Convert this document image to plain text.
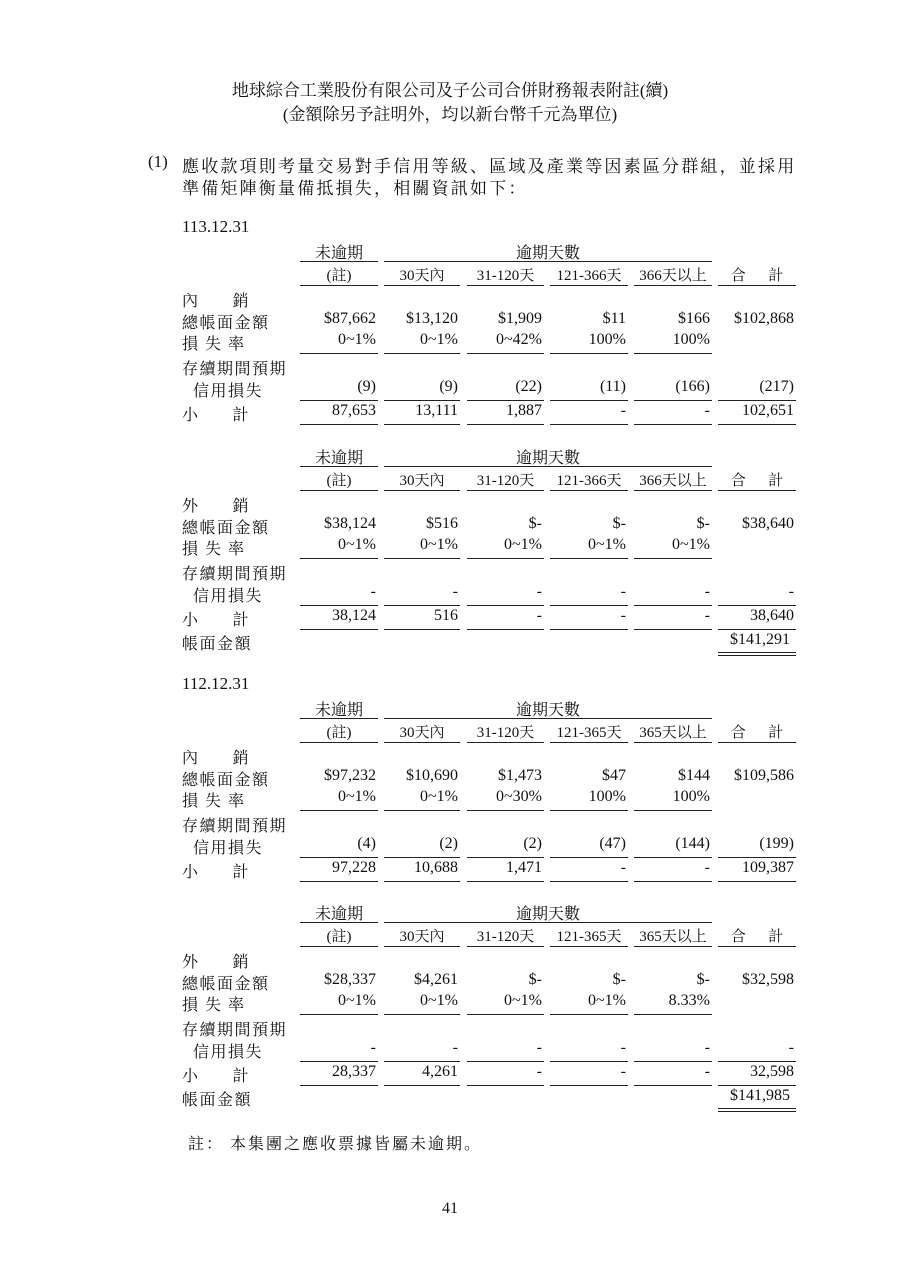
地球綜合工業股份有限公司及子公司合併財務報表附註(續)
(金額除另予註明外，均以新台幣千元為單位)
(1) 應收款項則考量交易對手信用等級、區域及產業等因素區分群組，並採用
準備矩陣衡量備抵損失，相關資訊如下：
113.12.31
112.12.31
未逾期	逾期天數
(註)	30天內	31-120天	121-366天	366天以上	合      計
內      銷
總帳面金額	$87,662	$13,120	$1,909	$11	$166	$102,868
損 失 率	0~1%	0~1%	0~42%	100%	100%
存續期間預期
信用損失	(9)	(9)	(22)	(11)	(166)	(217)
小      計	87,653	13,111	1,887	-	-	102,651
未逾期	逾期天數
(註)	30天內	31-120天	121-366天	366天以上	合      計
外      銷
總帳面金額	$38,124	$516	$-	$-	$-	$38,640
損 失 率	0~1%	0~1%	0~1%	0~1%	0~1%
存續期間預期
信用損失	-	-	-	-	-	-
小      計	38,124	516	-	-	-	38,640
帳面金額	$141,291
未逾期	逾期天數
(註)	30天內	31-120天	121-365天	365天以上	合      計
內      銷
總帳面金額	$97,232	$10,690	$1,473	$47	$144	$109,586
損 失 率	0~1%	0~1%	0~30%	100%	100%
存續期間預期
信用損失	(4)	(2)	(2)	(47)	(144)	(199)
小      計	97,228	10,688	1,471	-	-	109,387
未逾期	逾期天數
(註)	30天內	31-120天	121-365天	365天以上	合      計
外      銷
總帳面金額	$28,337	$4,261	$-	$-	$-	$32,598
損 失 率	0~1%	0~1%	0~1%	0~1%	8.33%
存續期間預期
信用損失	-	-	-	-	-	-
小      計	28,337	4,261	-	-	-	32,598
帳面金額	$141,985
註： 本集團之應收票據皆屬未逾期。
41
